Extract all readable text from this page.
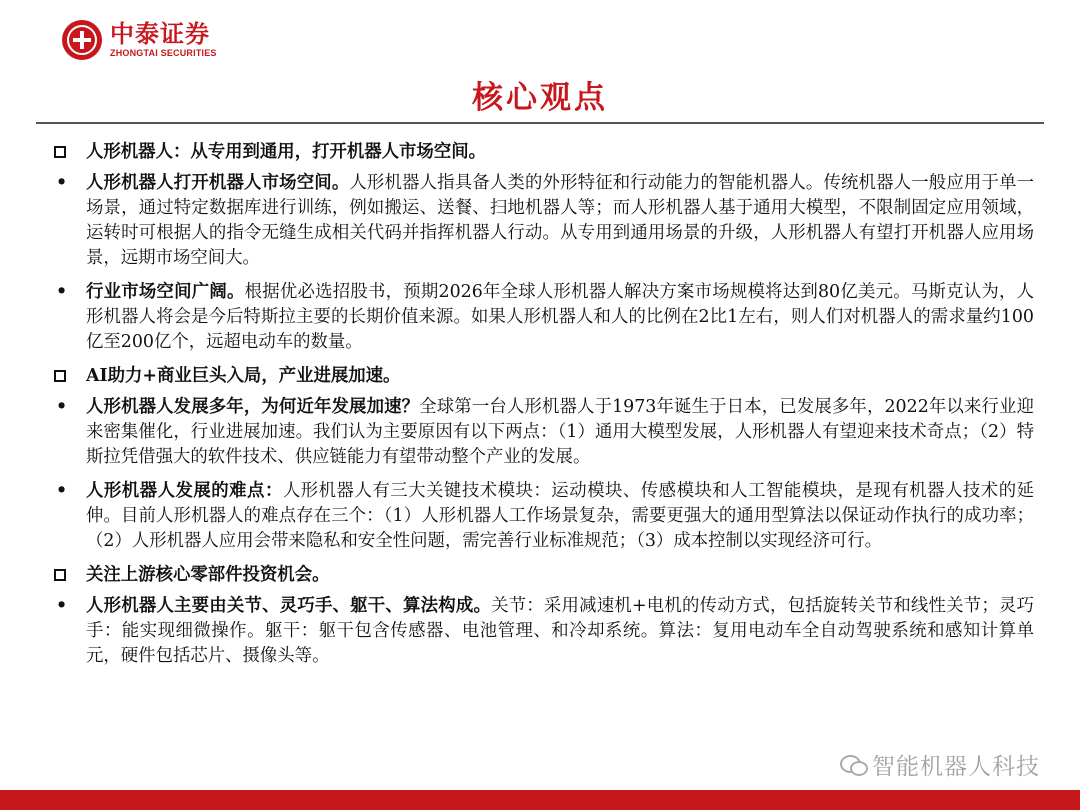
中泰证券
ZHONGTAI SECURITIES
核心观点
人形机器人：从专用到通用，打开机器人市场空间。
• 人形机器人打开机器人市场空间。人形机器人指具备人类的外形特征和行动能力的智能机器人。传统机器人一般应用于单一场景，通过特定数据库进行训练，例如搬运、送餐、扫地机器人等；而人形机器人基于通用大模型，不限制固定应用领域，运转时可根据人的指令无缝生成相关代码并指挥机器人行动。从专用到通用场景的升级，人形机器人有望打开机器人应用场景，远期市场空间大。
• 行业市场空间广阔。根据优必选招股书，预期2026年全球人形机器人解决方案市场规模将达到80亿美元。马斯克认为，人形机器人将会是今后特斯拉主要的长期价值来源。如果人形机器人和人的比例在2比1左右，则人们对机器人的需求量约100亿至200亿个，远超电动车的数量。
AI助力+商业巨头入局，产业进展加速。
• 人形机器人发展多年，为何近年发展加速？全球第一台人形机器人于1973年诞生于日本，已发展多年，2022年以来行业迎来密集催化，行业进展加速。我们认为主要原因有以下两点：（1）通用大模型发展，人形机器人有望迎来技术奇点；（2）特斯拉凭借强大的软件技术、供应链能力有望带动整个产业的发展。
• 人形机器人发展的难点：人形机器人有三大关键技术模块：运动模块、传感模块和人工智能模块，是现有机器人技术的延伸。目前人形机器人的难点存在三个：（1）人形机器人工作场景复杂，需要更强大的通用型算法以保证动作执行的成功率；（2）人形机器人应用会带来隐私和安全性问题，需完善行业标准规范；（3）成本控制以实现经济可行。
关注上游核心零部件投资机会。
• 人形机器人主要由关节、灵巧手、躯干、算法构成。关节：采用减速机+电机的传动方式，包括旋转关节和线性关节；灵巧手：能实现细微操作。躯干：躯干包含传感器、电池管理、和冷却系统。算法：复用电动车全自动驾驶系统和感知计算单元，硬件包括芯片、摄像头等。
智能机器人科技
